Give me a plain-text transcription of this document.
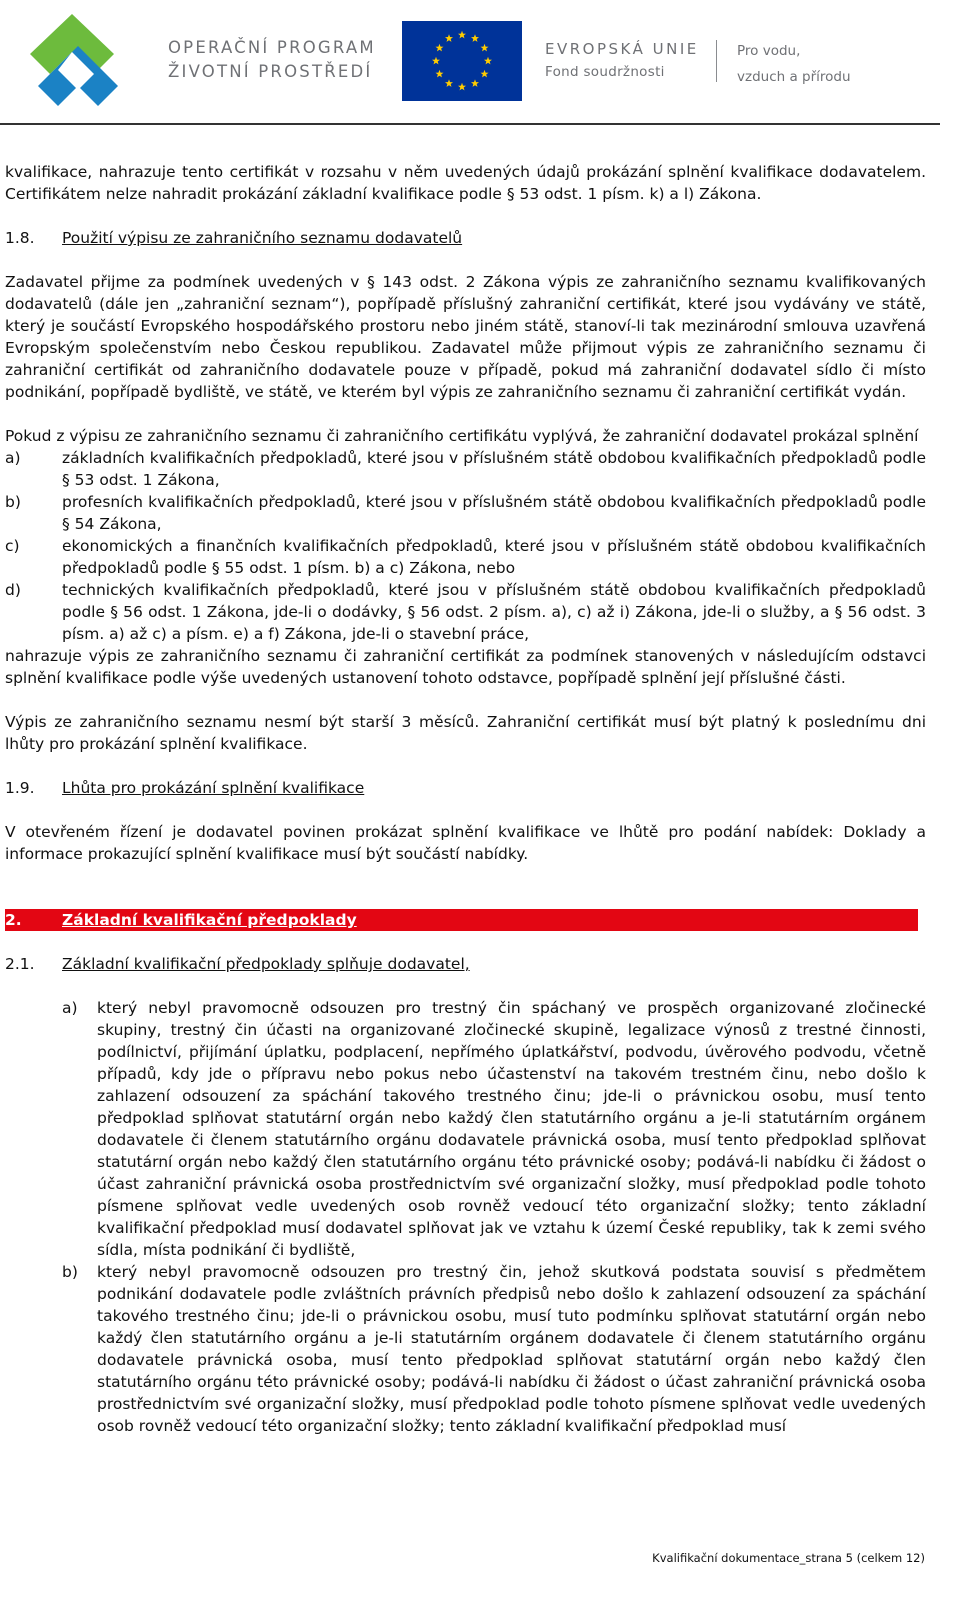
OPERAČNÍ PROGRAM
ŽIVOTNÍ PROSTŘEDÍ
EVROPSKÁ UNIE
Fond soudržnosti
Pro vodu,
vzduch a přírodu

kvalifikace, nahrazuje tento certifikát v rozsahu v něm uvedených údajů prokázání splnění kvalifikace dodavatelem. Certifikátem nelze nahradit prokázání základní kvalifikace podle § 53 odst. 1 písm. k) a l) Zákona.

1.8.	Použití výpisu ze zahraničního seznamu dodavatelů

Zadavatel přijme za podmínek uvedených v § 143 odst. 2 Zákona výpis ze zahraničního seznamu kvalifikovaných dodavatelů (dále jen „zahraniční seznam“), popřípadě příslušný zahraniční certifikát, které jsou vydávány ve státě, který je součástí Evropského hospodářského prostoru nebo jiném státě, stanoví-li tak mezinárodní smlouva uzavřená Evropským společenstvím nebo Českou republikou. Zadavatel může přijmout výpis ze zahraničního seznamu či zahraniční certifikát od zahraničního dodavatele pouze v případě, pokud má zahraniční dodavatel sídlo či místo podnikání, popřípadě bydliště, ve státě, ve kterém byl výpis ze zahraničního seznamu či zahraniční certifikát vydán.

Pokud z výpisu ze zahraničního seznamu či zahraničního certifikátu vyplývá, že zahraniční dodavatel prokázal splnění

a)	základních kvalifikačních předpokladů, které jsou v příslušném státě obdobou kvalifikačních předpokladů podle § 53 odst. 1 Zákona,
b)	profesních kvalifikačních předpokladů, které jsou v příslušném státě obdobou kvalifikačních předpokladů podle § 54 Zákona,
c)	ekonomických a finančních kvalifikačních předpokladů, které jsou v příslušném státě obdobou kvalifikačních předpokladů podle § 55 odst. 1 písm. b) a c) Zákona, nebo
d)	technických kvalifikačních předpokladů, které jsou v příslušném státě obdobou kvalifikačních předpokladů podle § 56 odst. 1 Zákona, jde-li o dodávky, § 56 odst. 2 písm. a), c) až i) Zákona, jde-li o služby, a § 56 odst. 3 písm. a) až c) a písm. e) a f) Zákona, jde-li o stavební práce,

nahrazuje výpis ze zahraničního seznamu či zahraniční certifikát za podmínek stanovených v následujícím odstavci splnění kvalifikace podle výše uvedených ustanovení tohoto odstavce, popřípadě splnění její příslušné části.

Výpis ze zahraničního seznamu nesmí být starší 3 měsíců. Zahraniční certifikát musí být platný k poslednímu dni lhůty pro prokázání splnění kvalifikace.

1.9.	Lhůta pro prokázání splnění kvalifikace

V otevřeném řízení je dodavatel povinen prokázat splnění kvalifikace ve lhůtě pro podání nabídek: Doklady a informace prokazující splnění kvalifikace musí být součástí nabídky.

2.	Základní kvalifikační předpoklady
2.1.	Základní kvalifikační předpoklady splňuje dodavatel,
a)	který nebyl pravomocně odsouzen pro trestný čin spáchaný ve prospěch organizované zločinecké skupiny, trestný čin účasti na organizované zločinecké skupině, legalizace výnosů z trestné činnosti, podílnictví, přijímání úplatku, podplacení, nepřímého úplatkářství, podvodu, úvěrového podvodu, včetně případů, kdy jde o přípravu nebo pokus nebo účastenství na takovém trestném činu, nebo došlo k zahlazení odsouzení za spáchání takového trestného činu; jde-li o právnickou osobu, musí tento předpoklad splňovat statutární orgán nebo každý člen statutárního orgánu a je-li statutárním orgánem dodavatele či členem statutárního orgánu dodavatele právnická osoba, musí tento předpoklad splňovat statutární orgán nebo každý člen statutárního orgánu této právnické osoby; podává-li nabídku či žádost o účast zahraniční právnická osoba prostřednictvím své organizační složky, musí předpoklad podle tohoto písmene splňovat vedle uvedených osob rovněž vedoucí této organizační složky; tento základní kvalifikační předpoklad musí dodavatel splňovat jak ve vztahu k území České republiky, tak k zemi svého sídla, místa podnikání či bydliště,
b)	který nebyl pravomocně odsouzen pro trestný čin, jehož skutková podstata souvisí s předmětem podnikání dodavatele podle zvláštních právních předpisů nebo došlo k zahlazení odsouzení za spáchání takového trestného činu; jde-li o právnickou osobu, musí tuto podmínku splňovat statutární orgán nebo každý člen statutárního orgánu a je-li statutárním orgánem dodavatele či členem statutárního orgánu dodavatele právnická osoba, musí tento předpoklad splňovat statutární orgán nebo každý člen statutárního orgánu této právnické osoby; podává-li nabídku či žádost o účast zahraniční právnická osoba prostřednictvím své organizační složky, musí předpoklad podle tohoto písmene splňovat vedle uvedených osob rovněž vedoucí této organizační složky; tento základní kvalifikační předpoklad musí
Kvalifikační dokumentace_strana 5 (celkem 12)
